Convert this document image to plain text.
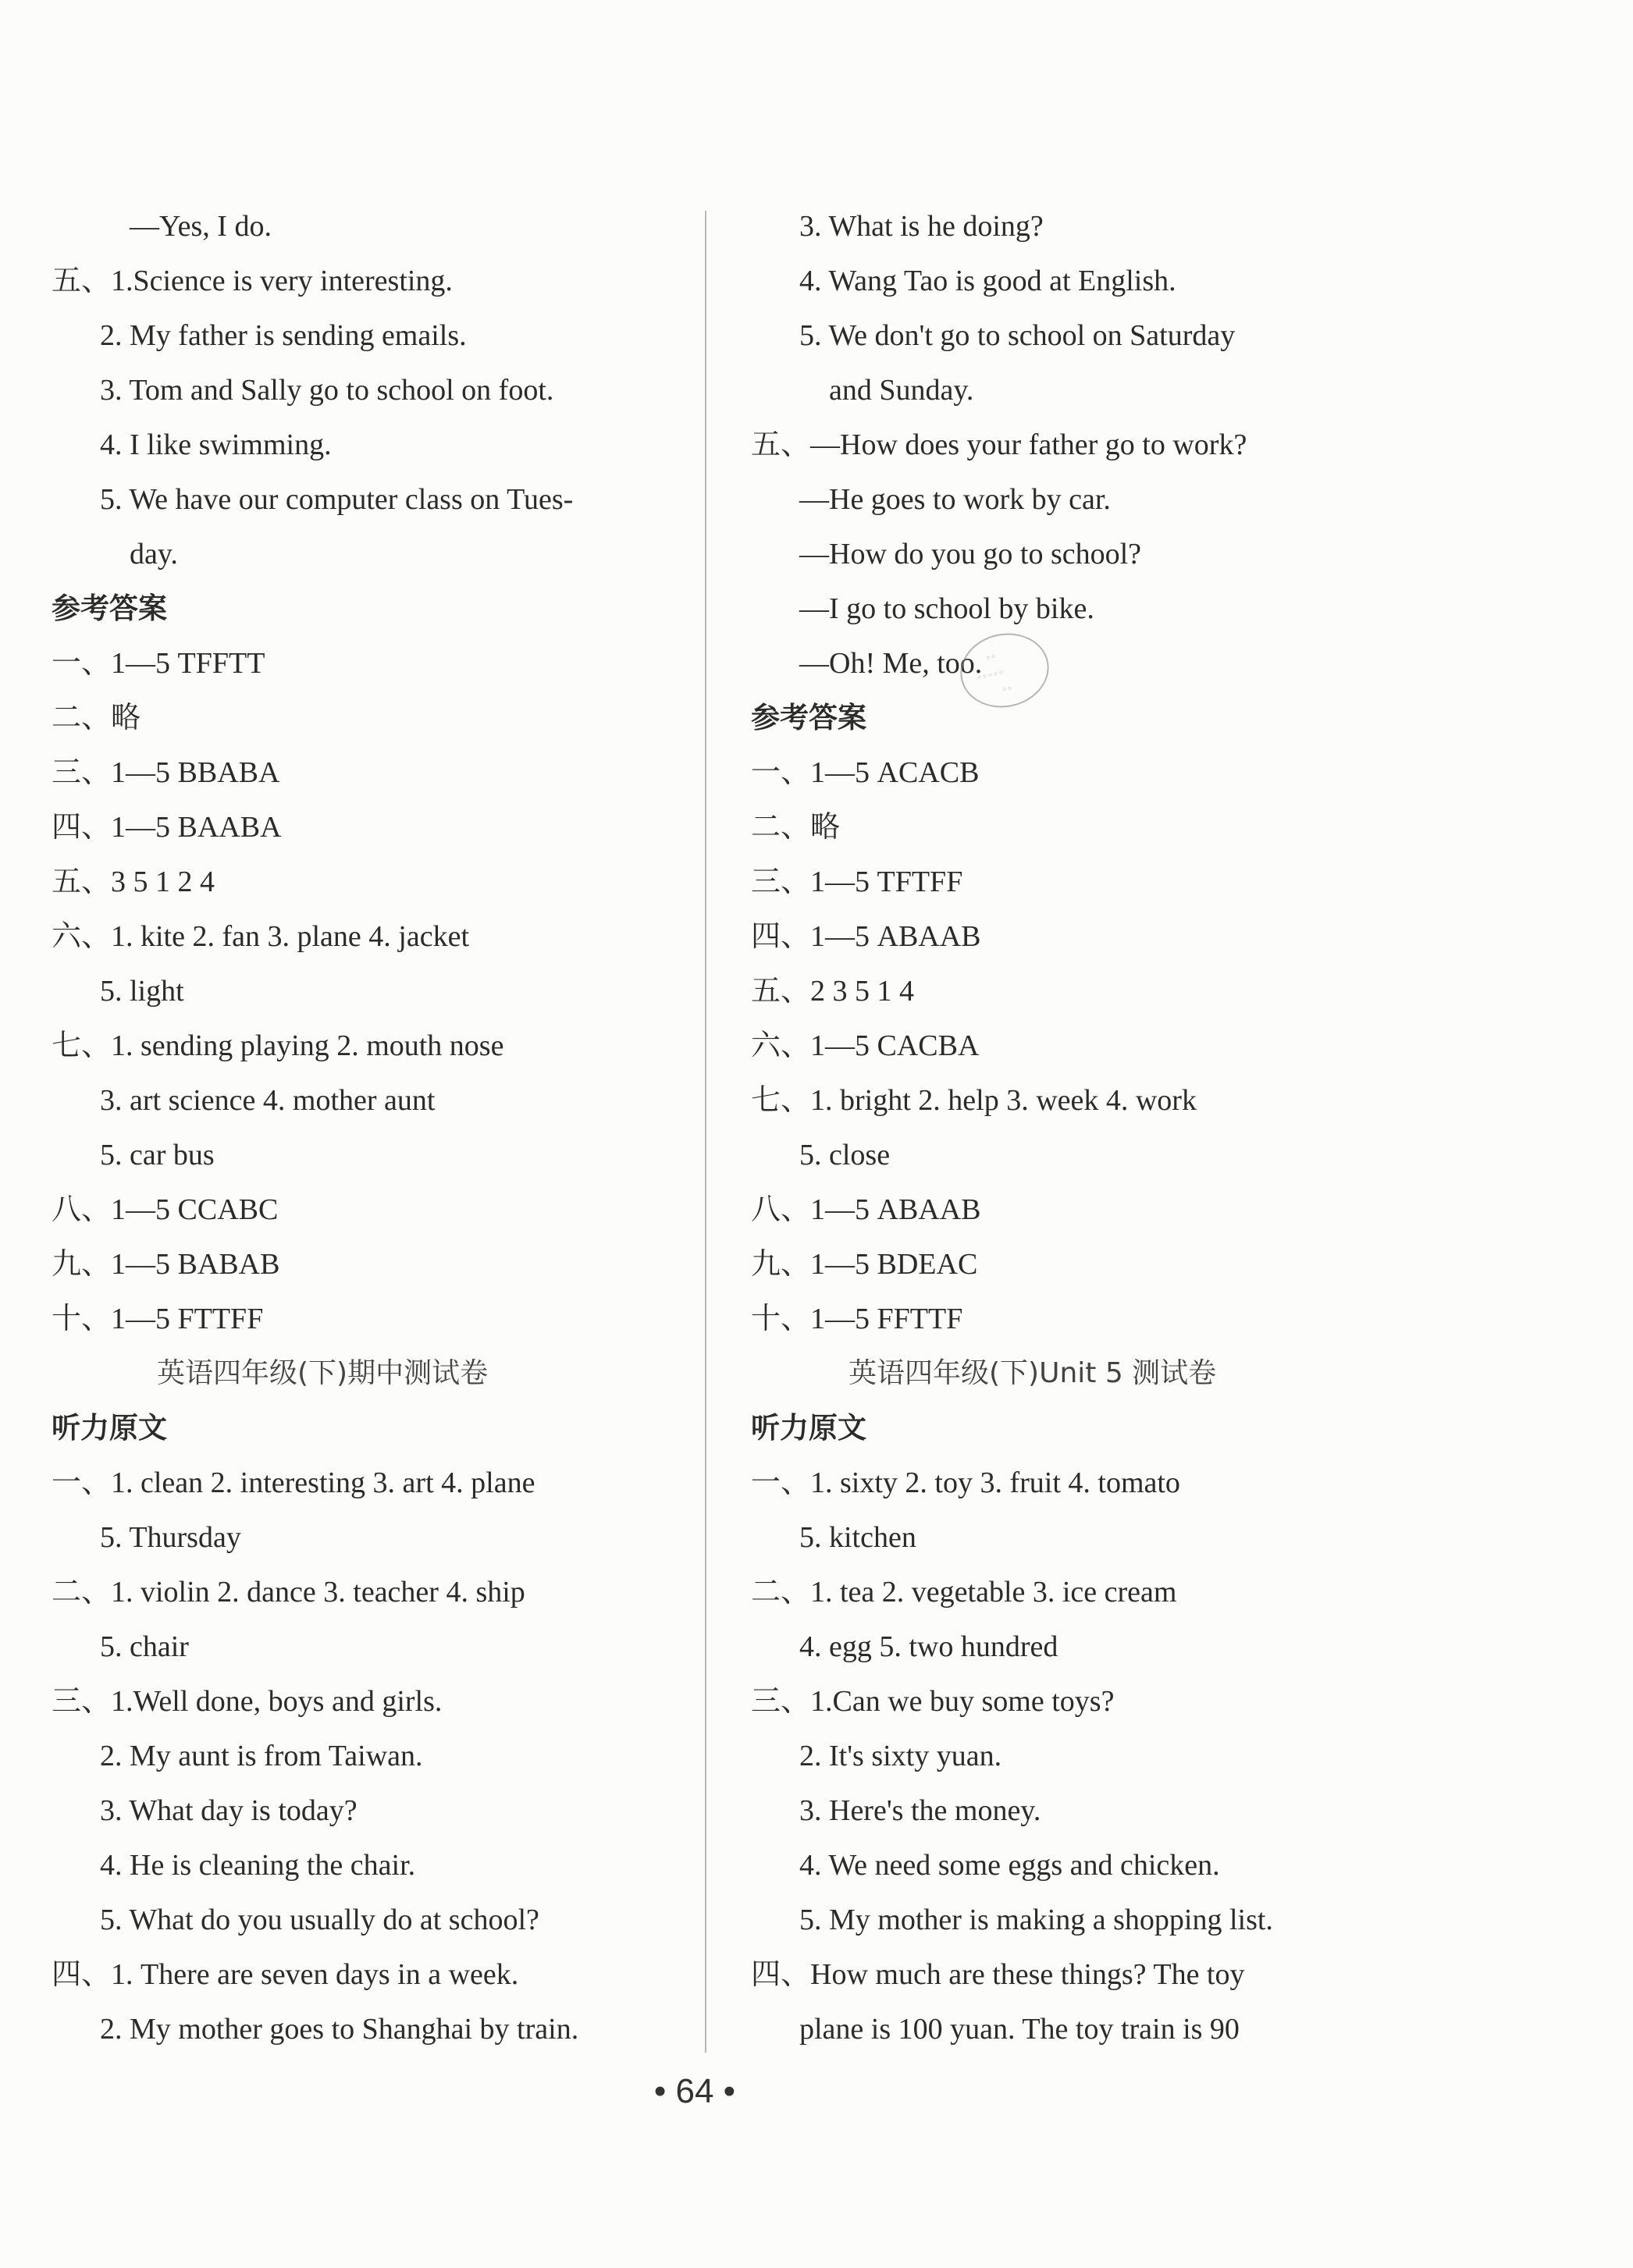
—Yes, I do.
五、1.Science is very interesting.
2. My father is sending emails.
3. Tom and Sally go to school on foot.
4. I like swimming.
5. We have our computer class on Tues-
day.
参考答案
一、1—5 TFFTT
二、略
三、1—5 BBABA
四、1—5 BAABA
五、3 5 1 2 4
六、1. kite 2. fan 3. plane 4. jacket
5. light
七、1. sending playing 2. mouth nose
3. art science 4. mother aunt
5. car bus
八、1—5 CCABC
九、1—5 BABAB
十、1—5 FTTFF
英语四年级(下)期中测试卷
听力原文
一、1. clean 2. interesting 3. art 4. plane
5. Thursday
二、1. violin 2. dance 3. teacher 4. ship
5. chair
三、1.Well done, boys and girls.
2. My aunt is from Taiwan.
3. What day is today?
4. He is cleaning the chair.
5. What do you usually do at school?
四、1. There are seven days in a week.
2. My mother goes to Shanghai by train.
3. What is he doing?
4. Wang Tao is good at English.
5. We don't go to school on Saturday
and Sunday.
五、—How does your father go to work?
—He goes to work by car.
—How do you go to school?
—I go to school by bike.
—Oh! Me, too.
参考答案
一、1—5 ACACB
二、略
三、1—5 TFTFF
四、1—5 ABAAB
五、2 3 5 1 4
六、1—5 CACBA
七、1. bright 2. help 3. week 4. work
5. close
八、1—5 ABAAB
九、1—5 BDEAC
十、1—5 FFTTF
英语四年级(下)Unit 5 测试卷
听力原文
一、1. sixty 2. toy 3. fruit 4. tomato
5. kitchen
二、1. tea 2. vegetable 3. ice cream
4. egg 5. two hundred
三、1.Can we buy some toys?
2. It's sixty yuan.
3. Here's the money.
4. We need some eggs and chicken.
5. My mother is making a shopping list.
四、How much are these things? The toy
plane is 100 yuan. The toy train is 90
◦◦
◦◦◦◦◦
◦◦
• 64 •
